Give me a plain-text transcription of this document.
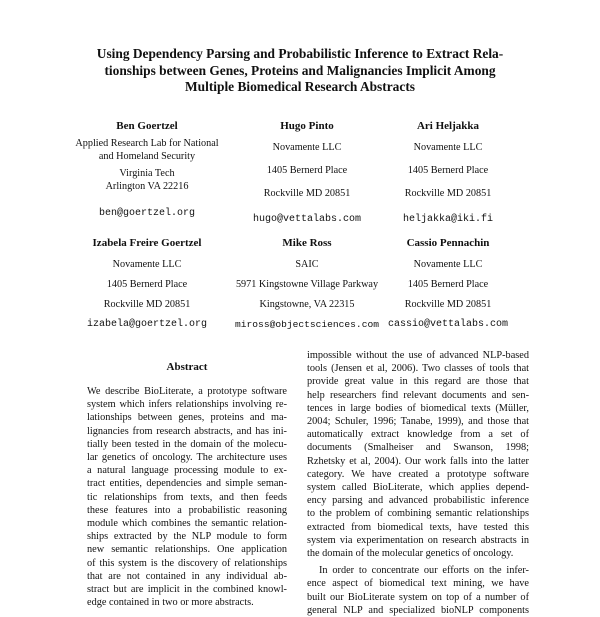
Using Dependency Parsing and Probabilistic Inference to Extract Rela-
tionships between Genes, Proteins and Malignancies Implicit Among
Multiple Biomedical Research Abstracts
Ben Goertzel
Applied Research Lab for National
and Homeland Security
Virginia Tech
Arlington VA 22216
ben@goertzel.org
Hugo Pinto
Novamente LLC
1405 Bernerd Place
Rockville MD 20851
hugo@vettalabs.com
Ari Heljakka
Novamente LLC
1405 Bernerd Place
Rockville MD 20851
heljakka@iki.fi
Izabela Freire Goertzel
Novamente LLC
1405 Bernerd Place
Rockville MD 20851
izabela@goertzel.org
Mike Ross
SAIC
5971 Kingstowne Village Parkway
Kingstowne, VA 22315
miross@objectsciences.com
Cassio Pennachin
Novamente LLC
1405 Bernerd Place
Rockville MD 20851
cassio@vettalabs.com
Abstract
We describe BioLiterate, a prototype software
system which infers relationships involving re-
lationships between genes, proteins and ma-
lignancies from research abstracts, and has ini-
tially been tested in the domain of the molecu-
lar genetics of oncology. The architecture uses
a natural language processing module to ex-
tract entities, dependencies and simple seman-
tic relationships from texts, and then feeds
these features into a probabilistic reasoning
module which combines the semantic relation-
ships extracted by the NLP module to form
new semantic relationships. One application
of this system is the discovery of relationships
that are not contained in any individual ab-
stract but are implicit in the combined knowl-
edge contained in two or more abstracts.
impossible without the use of advanced NLP-based
tools (Jensen et al, 2006). Two classes of tools that
provide great value in this regard are those that
help researchers find relevant documents and sen-
tences in large bodies of biomedical texts (Müller,
2004; Schuler, 1996; Tanabe, 1999), and those that
automatically extract knowledge from a set of
documents (Smalheiser and Swanson, 1998;
Rzhetsky et al, 2004). Our work falls into the latter
category. We have created a prototype software
system called BioLiterate, which applies depend-
ency parsing and advanced probabilistic inference
to the problem of combining semantic relationships
extracted from biomedical texts, have tested this
system via experimentation on research abstracts in
the domain of the molecular genetics of oncology.
In order to concentrate our efforts on the infer-
ence aspect of biomedical text mining, we have
built our BioLiterate system on top of a number of
general NLP and specialized bioNLP components
